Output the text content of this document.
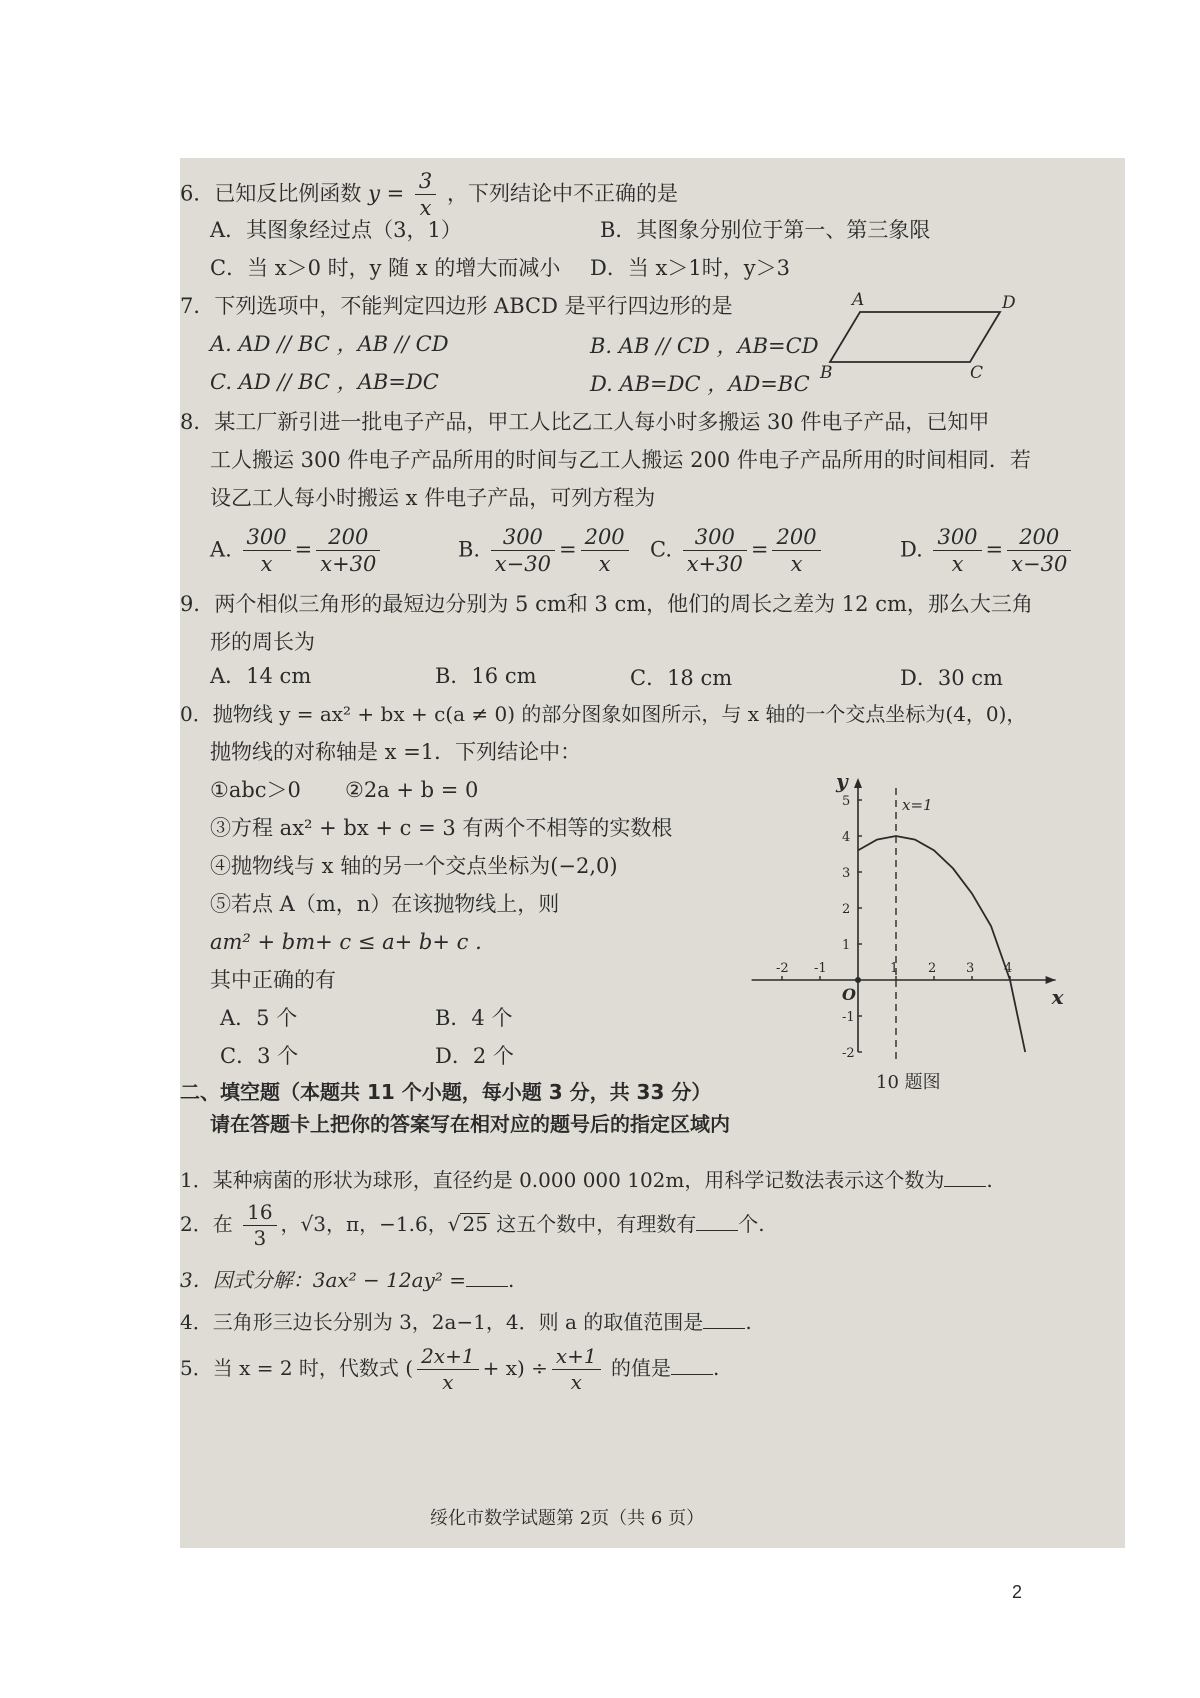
6．已知反比例函数 $y = \frac{3}{x}$ ，下列结论中不正确的是
A．其图象经过点（3，1）	B．其图象分别位于第一、第三象限
C．当 x＞0 时，y 随 x 的增大而减小 D．当 x＞1时，y＞3
7．下列选项中，不能判定四边形 ABCD 是平行四边形的是
A. AD // BC ，AB // CD	B. AB // CD ，AB=CD
C. AD // BC ，AB=DC	D. AB=DC ，AD=BC
A	D
B	C
8．某工厂新引进一批电子产品，甲工人比乙工人每小时多搬运 30 件电子产品，已知甲
工人搬运 300 件电子产品所用的时间与乙工人搬运 200 件电子产品所用的时间相同．若
设乙工人每小时搬运 x 件电子产品，可列方程为
A. $\frac{300}{x} = \frac{200}{x+30}$	B. $\frac{300}{x-30} = \frac{200}{x} C$. $\frac{300}{x+30} = \frac{200}{x}$	D. $\frac{300}{x} = \frac{200}{x-30}$
9．两个相似三角形的最短边分别为 5 cm和 3 cm，他们的周长之差为 12 cm，那么大三角
形的周长为
A．14 cm	B．16 cm	C．18 cm	D．30 cm
0．抛物线 y = ax² + bx + c(a ≠ 0) 的部分图象如图所示，与 x 轴的一个交点坐标为(4，0)，
抛物线的对称轴是 x =1．下列结论中：
①abc＞0 ②2a + b = 0
③方程 ax² + bx + c = 3 有两个不相等的实数根
④抛物线与 x 轴的另一个交点坐标为(−2,0)
⑤若点 A（m，n）在该抛物线上，则
am² + bm+ c ≤ a+ b+ c .
其中正确的有
A．5 个	B．4 个
C．3 个	D．2 个
x
y
O
-2 -1	1 2 3 4
-2
-1
1
2
3
4
5	x=1
10 题图
二、填空题（本题共 11 个小题，每小题 3 分，共 33 分）
请在答题卡上把你的答案写在相对应的题号后的指定区域内
1．某种病菌的形状为球形，直径约是 0.000 000 102m，用科学记数法表示这个数为 .
2．在 $\frac{16}{3}$ ，√3，π，−1.6，√ 25 这五个数中，有理数有 个.
3．因式分解：3ax² − 12ay² = .
4．三角形三边长分别为 3，2a−1，4．则 a 的取值范围是 .
5．当 x = 2 时，代数式 ( $\frac{2x+1}{x} + x) \div \frac{x+1}{x}$ 的值是 .
绥化市数学试题第 2页（共 6 页）
2
